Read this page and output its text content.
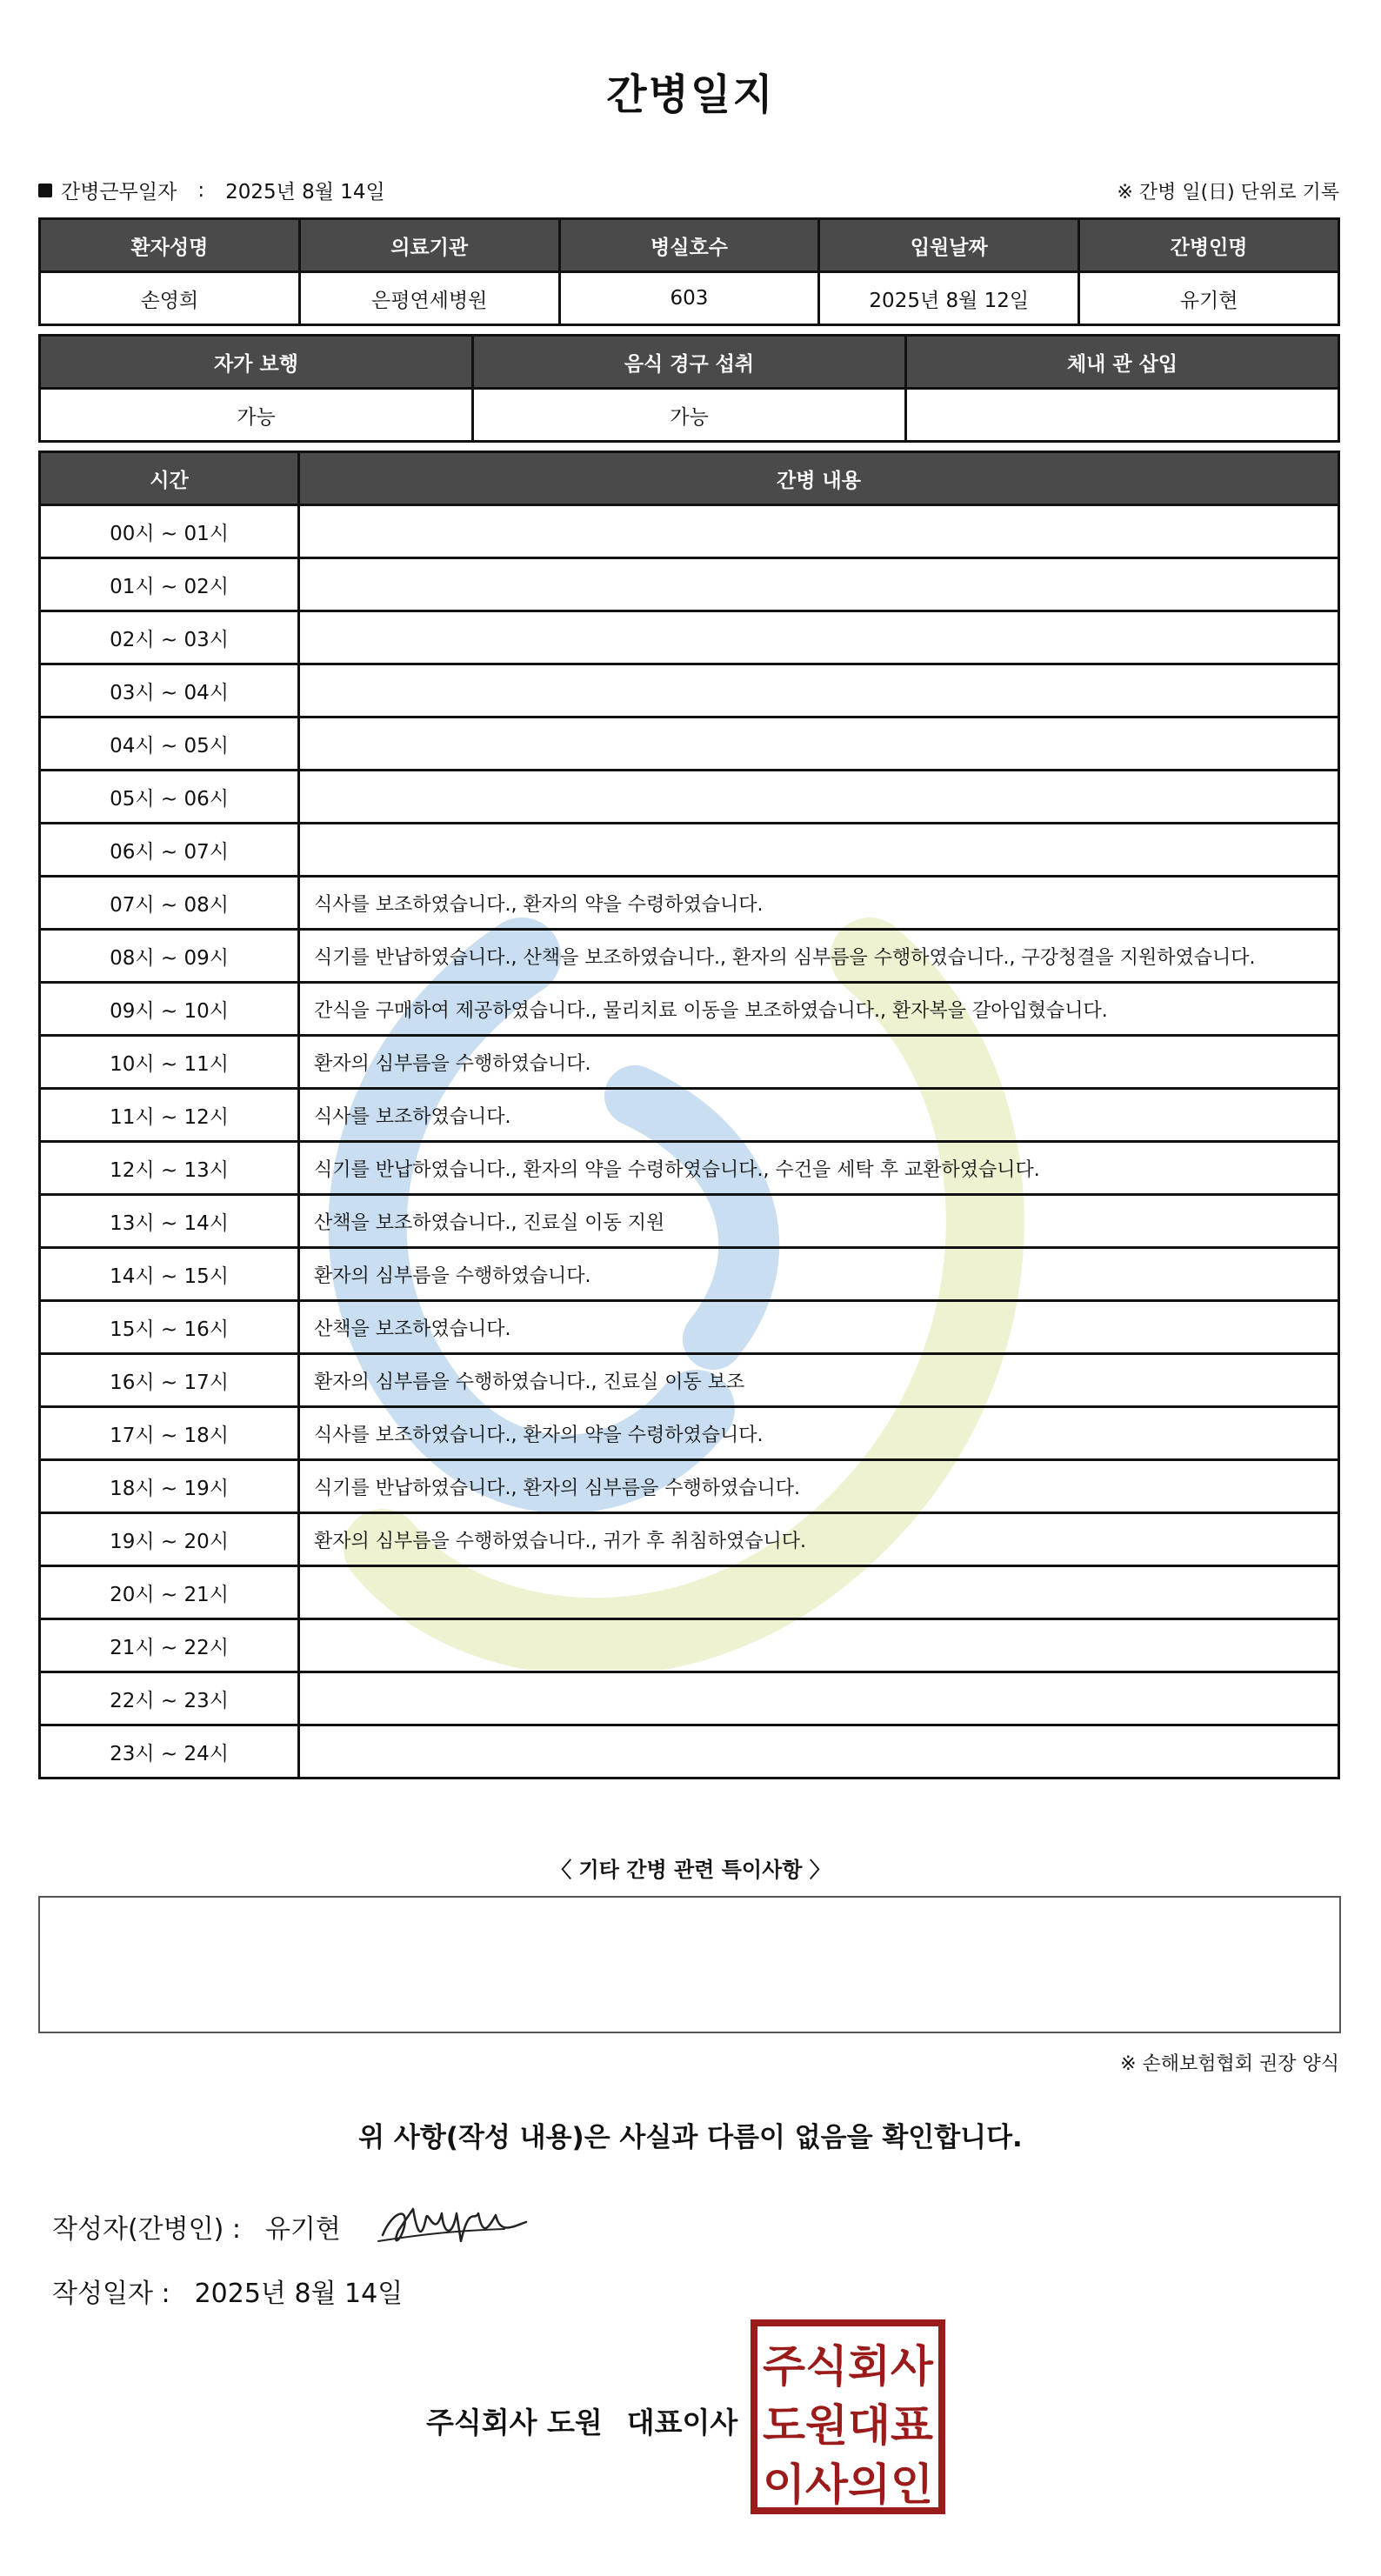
간병일지
간병근무일자 : 2025년 8월 14일	※ 간병 일(日) 단위로 기록
환자성명	의료기관	병실호수	입원날짜	간병인명
손영희	은평연세병원	603	2025년 8월 12일	유기현
자가 보행	음식 경구 섭취	체내 관 삽입
가능	가능	
시간	간병 내용
00시 ~ 01시	
01시 ~ 02시	
02시 ~ 03시	
03시 ~ 04시	
04시 ~ 05시	
05시 ~ 06시	
06시 ~ 07시	
07시 ~ 08시	식사를 보조하였습니다., 환자의 약을 수령하였습니다.
08시 ~ 09시	식기를 반납하였습니다., 산책을 보조하였습니다., 환자의 심부름을 수행하였습니다., 구강청결을 지원하였습니다.
09시 ~ 10시	간식을 구매하여 제공하였습니다., 물리치료 이동을 보조하였습니다., 환자복을 갈아입혔습니다.
10시 ~ 11시	환자의 심부름을 수행하였습니다.
11시 ~ 12시	식사를 보조하였습니다.
12시 ~ 13시	식기를 반납하였습니다., 환자의 약을 수령하였습니다., 수건을 세탁 후 교환하였습니다.
13시 ~ 14시	산책을 보조하였습니다., 진료실 이동 지원
14시 ~ 15시	환자의 심부름을 수행하였습니다.
15시 ~ 16시	산책을 보조하였습니다.
16시 ~ 17시	환자의 심부름을 수행하였습니다., 진료실 이동 보조
17시 ~ 18시	식사를 보조하였습니다., 환자의 약을 수령하였습니다.
18시 ~ 19시	식기를 반납하였습니다., 환자의 심부름을 수행하였습니다.
19시 ~ 20시	환자의 심부름을 수행하였습니다., 귀가 후 취침하였습니다.
20시 ~ 21시	
21시 ~ 22시	
22시 ~ 23시	
23시 ~ 24시	
〈 기타 간병 관련 특이사항 〉
※ 손해보험협회 권장 양식
위 사항(작성 내용)은 사실과 다름이 없음을 확인합니다.
작성자(간병인) : 유기현
작성일자 : 2025년 8월 14일
주식회사 도원 대표이사
주식회사
도원대표
이사의인
